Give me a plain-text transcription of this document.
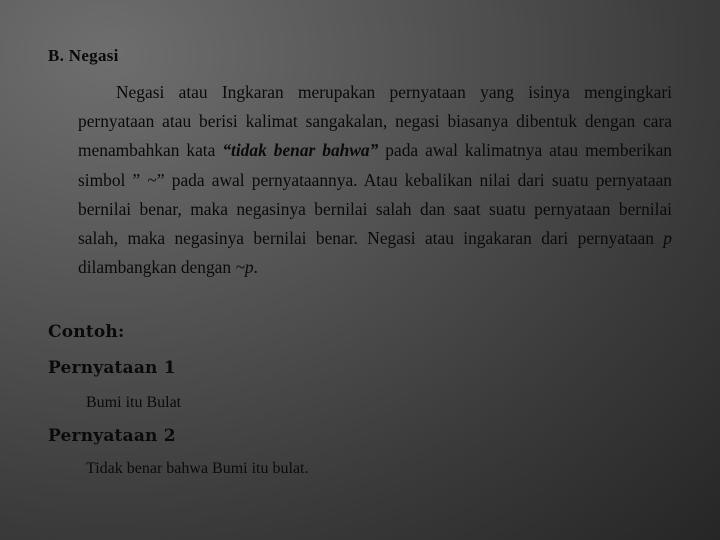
B. Negasi
Negasi atau Ingkaran merupakan pernyataan yang isinya mengingkari pernyataan atau berisi kalimat sangakalan, negasi biasanya dibentuk dengan cara menambahkan kata “tidak benar bahwa” pada awal kalimatnya atau memberikan simbol ” ~” pada awal pernyataannya. Atau kebalikan nilai dari suatu pernyataan bernilai benar, maka negasinya bernilai salah dan saat suatu pernyataan bernilai salah, maka negasinya bernilai benar. Negasi atau ingakaran dari pernyataan p dilambangkan dengan ~p.
Contoh:
Pernyataan 1
Bumi itu Bulat
Pernyataan 2
Tidak benar bahwa Bumi itu bulat.
